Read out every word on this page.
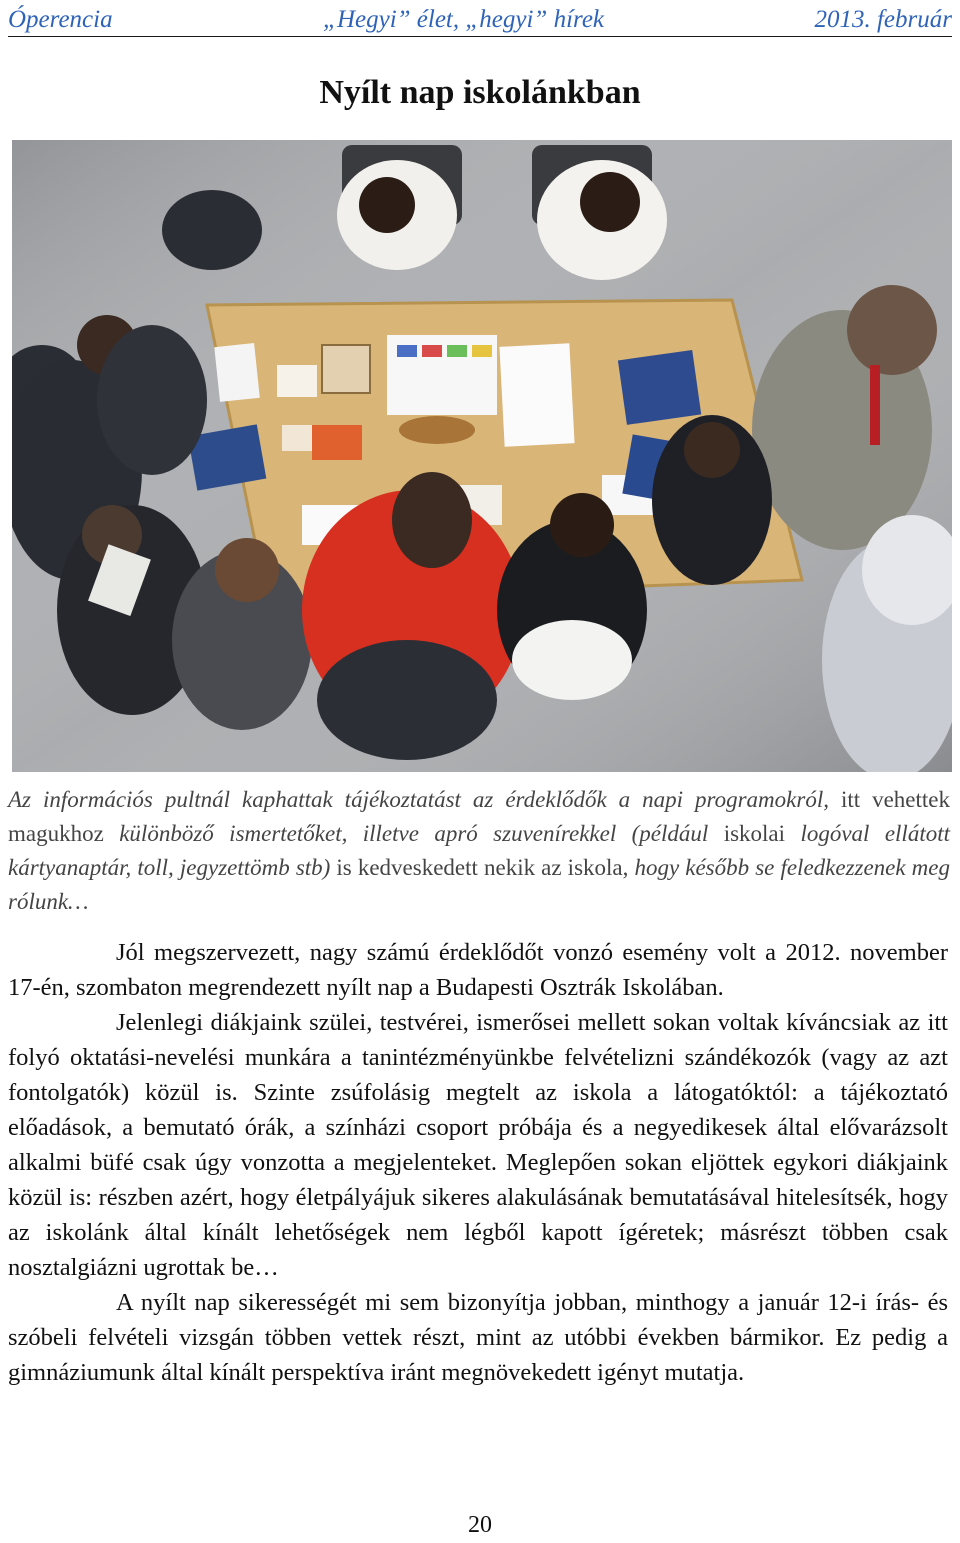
Óperencia	„Hegyi” élet, „hegyi” hírek	2013. február
Nyílt nap iskolánkban

Az információs pultnál kaphattak tájékoztatást az érdeklődők a napi programokról, itt vehettek magukhoz különböző ismertetőket, illetve apró szuvenírekkel (például iskolai logóval ellátott kártyanaptár, toll, jegyzettömb stb) is kedveskedett nekik az iskola, hogy később se feledkezzenek meg rólunk…

Jól megszervezett, nagy számú érdeklődőt vonzó esemény volt a 2012. november 17-én, szombaton megrendezett nyílt nap a Budapesti Osztrák Iskolában.

Jelenlegi diákjaink szülei, testvérei, ismerősei mellett sokan voltak kíváncsiak az itt folyó oktatási-nevelési munkára a tanintézményünkbe felvételizni szándékozók (vagy az azt fontolgatók) közül is. Szinte zsúfolásig megtelt az iskola a látogatóktól: a tájékoztató előadások, a bemutató órák, a színházi csoport próbája és a negyedikesek által elővarázsolt alkalmi büfé csak úgy vonzotta a megjelenteket. Meglepően sokan eljöttek egykori diákjaink közül is: részben azért, hogy életpályájuk sikeres alakulásának bemutatásával hitelesítsék, hogy az iskolánk által kínált lehetőségek nem légből kapott ígéretek; másrészt többen csak nosztalgiázni ugrottak be…

A nyílt nap sikerességét mi sem bizonyítja jobban, minthogy a január 12-i írás- és szóbeli felvételi vizsgán többen vettek részt, mint az utóbbi években bármikor. Ez pedig a gimnáziumunk által kínált perspektíva iránt megnövekedett igényt mutatja.

20
